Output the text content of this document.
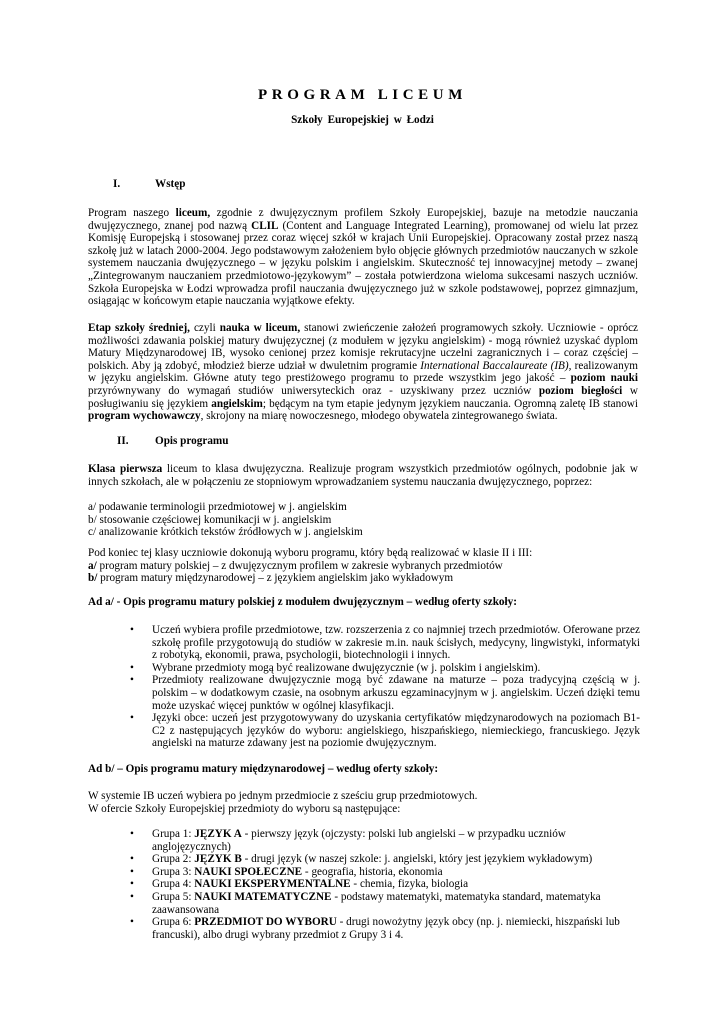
PROGRAM LICEUM
Szkoły Europejskiej w Łodzi
I.	Wstęp
Program naszego liceum, zgodnie z dwujęzycznym profilem Szkoły Europejskiej, bazuje na metodzie nauczania dwujęzycznego, znanej pod nazwą CLIL (Content and Language Integrated Learning), promowanej od wielu lat przez Komisję Europejską i stosowanej przez coraz więcej szkół w krajach Unii Europejskiej. Opracowany został przez naszą szkołę już w latach 2000-2004. Jego podstawowym założeniem było objęcie głównych przedmiotów nauczanych w szkole systemem nauczania dwujęzycznego – w języku polskim i angielskim. Skuteczność tej innowacyjnej metody – zwanej „Zintegrowanym nauczaniem przedmiotowo-językowym” – została potwierdzona wieloma sukcesami naszych uczniów. Szkoła Europejska w Łodzi wprowadza profil nauczania dwujęzycznego już w szkole podstawowej, poprzez gimnazjum, osiągając w końcowym etapie nauczania wyjątkowe efekty.
Etap szkoły średniej, czyli nauka w liceum, stanowi zwieńczenie założeń programowych szkoły. Uczniowie - oprócz możliwości zdawania polskiej matury dwujęzycznej (z modułem w języku angielskim) - mogą również uzyskać dyplom Matury Międzynarodowej IB, wysoko cenionej przez komisje rekrutacyjne uczelni zagranicznych i – coraz częściej – polskich. Aby ją zdobyć, młodzież bierze udział w dwuletnim programie International Baccalaureate (IB), realizowanym w języku angielskim. Główne atuty tego prestiżowego programu to przede wszystkim jego jakość – poziom nauki przyrównywany do wymagań studiów uniwersyteckich oraz - uzyskiwany przez uczniów poziom biegłości w posługiwaniu się językiem angielskim; będącym na tym etapie jedynym językiem nauczania. Ogromną zaletę IB stanowi program wychowawczy, skrojony na miarę nowoczesnego, młodego obywatela zintegrowanego świata.
II. Opis programu
Klasa pierwsza liceum to klasa dwujęzyczna. Realizuje program wszystkich przedmiotów ogólnych, podobnie jak w innych szkołach, ale w połączeniu ze stopniowym wprowadzaniem systemu nauczania dwujęzycznego, poprzez:
a/ podawanie terminologii przedmiotowej w j. angielskim
b/ stosowanie częściowej komunikacji w j. angielskim
c/ analizowanie krótkich tekstów źródłowych w j. angielskim
Pod koniec tej klasy uczniowie dokonują wyboru programu, który będą realizować w klasie II i III:
a/ program matury polskiej – z dwujęzycznym profilem w zakresie wybranych przedmiotów
b/ program matury międzynarodowej – z językiem angielskim jako wykładowym
Ad a/ - Opis programu matury polskiej z modułem dwujęzycznym – według oferty szkoły:
• Uczeń wybiera profile przedmiotowe, tzw. rozszerzenia z co najmniej trzech przedmiotów. Oferowane przez szkołę profile przygotowują do studiów w zakresie m.in. nauk ścisłych, medycyny, lingwistyki, informatyki z robotyką, ekonomii, prawa, psychologii, biotechnologii i innych.
• Wybrane przedmioty mogą być realizowane dwujęzycznie (w j. polskim i angielskim).
• Przedmioty realizowane dwujęzycznie mogą być zdawane na maturze – poza tradycyjną częścią w j. polskim – w dodatkowym czasie, na osobnym arkuszu egzaminacyjnym w j. angielskim. Uczeń dzięki temu może uzyskać więcej punktów w ogólnej klasyfikacji.
• Języki obce: uczeń jest przygotowywany do uzyskania certyfikatów międzynarodowych na poziomach B1-C2 z następujących języków do wyboru: angielskiego, hiszpańskiego, niemieckiego, francuskiego. Język angielski na maturze zdawany jest na poziomie dwujęzycznym.
Ad b/ – Opis programu matury międzynarodowej – według oferty szkoły:
W systemie IB uczeń wybiera po jednym przedmiocie z sześciu grup przedmiotowych.
W ofercie Szkoły Europejskiej przedmioty do wyboru są następujące:
• Grupa 1: JĘZYK A - pierwszy język (ojczysty: polski lub angielski – w przypadku uczniów anglojęzycznych)
• Grupa 2: JĘZYK B - drugi język (w naszej szkole: j. angielski, który jest językiem wykładowym)
• Grupa 3: NAUKI SPOŁECZNE - geografia, historia, ekonomia
• Grupa 4: NAUKI EKSPERYMENTALNE - chemia, fizyka, biologia
• Grupa 5: NAUKI MATEMATYCZNE - podstawy matematyki, matematyka standard, matematyka zaawansowana
• Grupa 6: PRZEDMIOT DO WYBORU - drugi nowożytny język obcy (np. j. niemiecki, hiszpański lub francuski), albo drugi wybrany przedmiot z Grupy 3 i 4.
